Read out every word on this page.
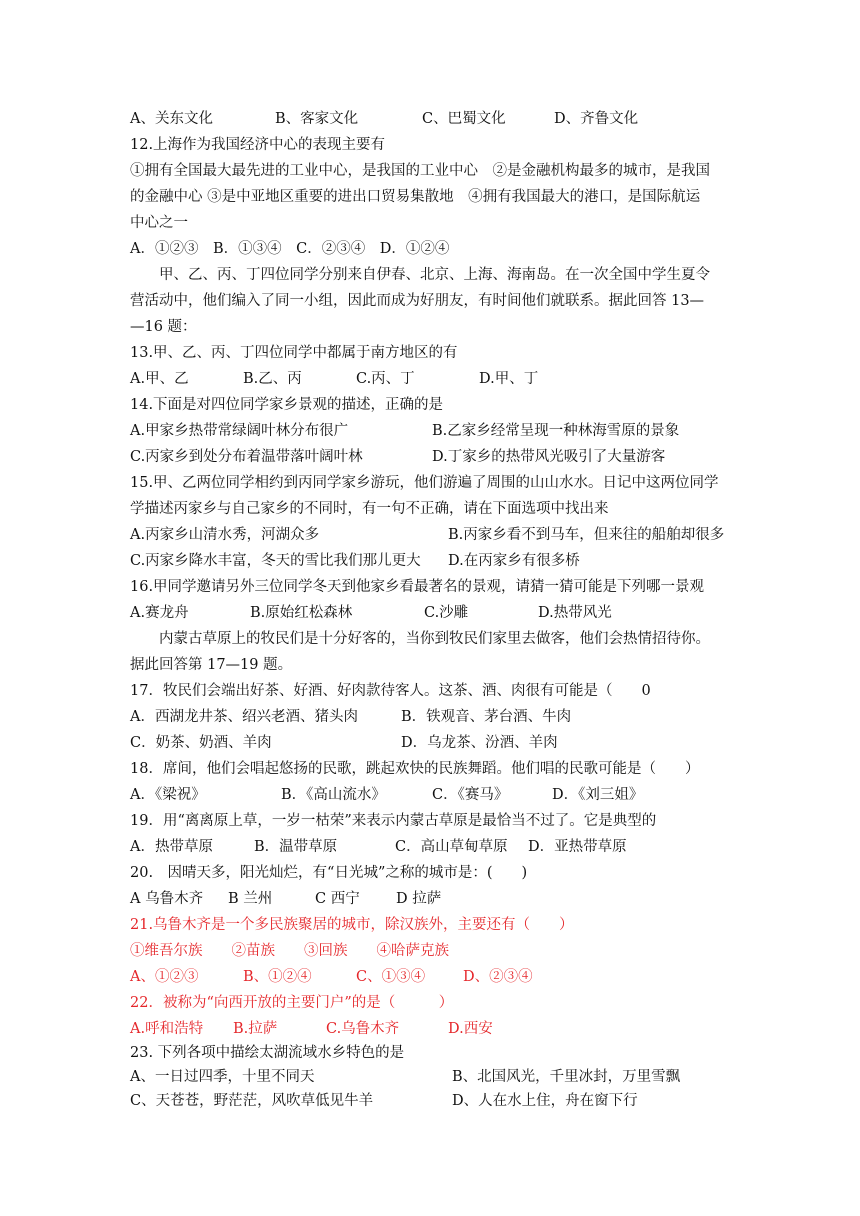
A、关东文化	B、客家文化	C、巴蜀文化	D、齐鲁文化
12.上海作为我国经济中心的表现主要有
①拥有全国最大最先进的工业中心，是我国的工业中心　②是金融机构最多的城市，是我国
的金融中心 ③是中亚地区重要的进出口贸易集散地　④拥有我国最大的港口，是国际航运
中心之一
A．①②③　B．①③④　C．②③④　D．①②④
甲、乙、丙、丁四位同学分别来自伊春、北京、上海、海南岛。在一次全国中学生夏令
营活动中，他们编入了同一小组，因此而成为好朋友，有时间他们就联系。据此回答 13—
—16 题：
13.甲、乙、丙、丁四位同学中都属于南方地区的有
A.甲、乙	B.乙、丙	C.丙、丁	D.甲、丁
14.下面是对四位同学家乡景观的描述，正确的是
A.甲家乡热带常绿阔叶林分布很广	B.乙家乡经常呈现一种林海雪原的景象
C.丙家乡到处分布着温带落叶阔叶林	D.丁家乡的热带风光吸引了大量游客
15.甲、乙两位同学相约到丙同学家乡游玩，他们游遍了周围的山山水水。日记中这两位同学
学描述丙家乡与自己家乡的不同时，有一句不正确，请在下面选项中找出来
A.丙家乡山清水秀，河湖众多	B.丙家乡看不到马车，但来往的船舶却很多
C.丙家乡降水丰富，冬天的雪比我们那儿更大 D.在丙家乡有很多桥
16.甲同学邀请另外三位同学冬天到他家乡看最著名的景观，请猜一猜可能是下列哪一景观
A.赛龙舟	B.原始红松森林	C.沙雕	D.热带风光
内蒙古草原上的牧民们是十分好客的，当你到牧民们家里去做客，他们会热情招待你。
据此回答第 17—19 题。
17．牧民们会端出好茶、好酒、好肉款待客人。这茶、酒、肉很有可能是（　　0
A．西湖龙井茶、绍兴老酒、猪头肉	B．铁观音、茅台酒、牛肉
C．奶茶、奶酒、羊肉	D．乌龙茶、汾酒、羊肉
18．席间，他们会唱起悠扬的民歌，跳起欢快的民族舞蹈。他们唱的民歌可能是（　　）
A．《梁祝》	B．《高山流水》	C．《赛马》	D．《刘三姐》
19．用“离离原上草，一岁一枯荣”来表示内蒙古草原是最恰当不过了。它是典型的
A．热带草原	B．温带草原	C．高山草甸草原 D．亚热带草原
20.　因晴天多，阳光灿烂，有“日光城”之称的城市是：(　　)
A 乌鲁木齐 B 兰州	C 西宁	D 拉萨
21.乌鲁木齐是一个多民族聚居的城市，除汉族外，主要还有（　　）
①维吾尔族　　②苗族　　③回族　　④哈萨克族
A、①②③	B、①②④	C、①③④	D、②③④
22．被称为“向西开放的主要门户”的是（　　　）
A.呼和浩特 B.拉萨	C.乌鲁木齐	D.西安
23. 下列各项中描绘太湖流域水乡特色的是
A、一日过四季，十里不同天	B、北国风光，千里冰封，万里雪飘
C、天苍苍，野茫茫，风吹草低见牛羊	D、人在水上住，舟在窗下行
